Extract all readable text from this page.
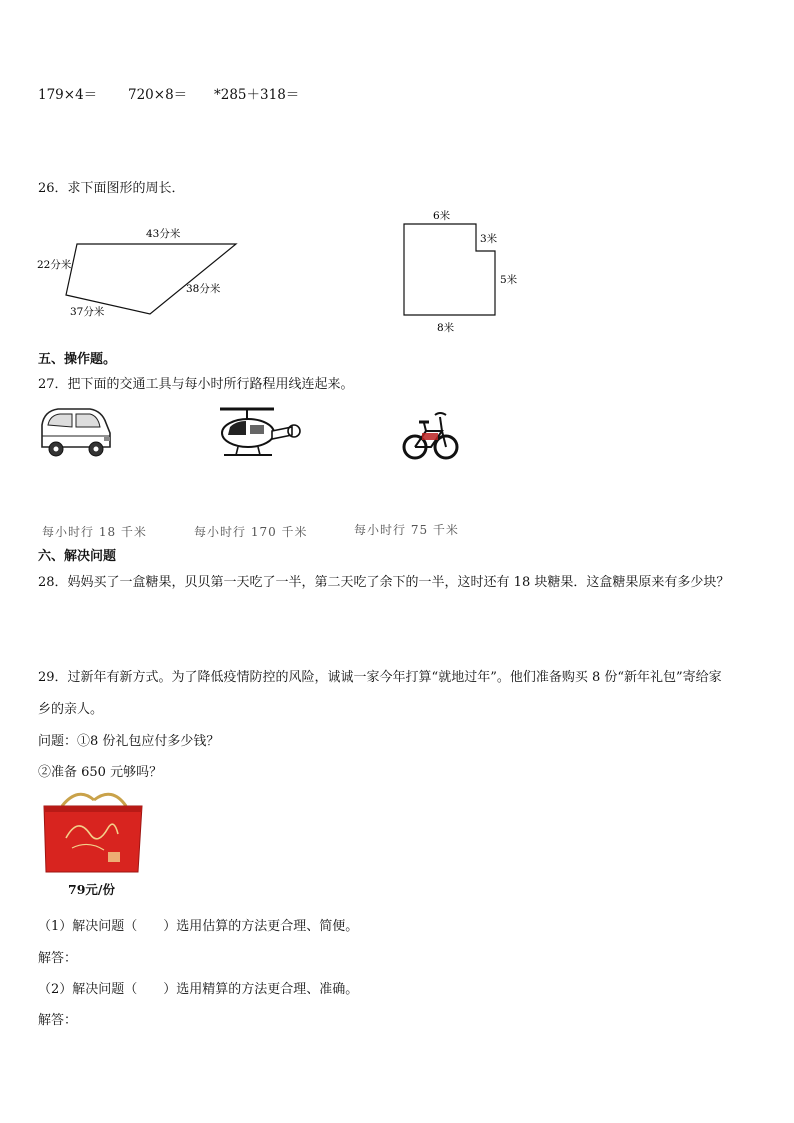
179×4＝ 720×8＝ *285＋318＝
26．求下面图形的周长．
43分米
22分米
38分米
37分米
6米
3米
5米
8米
五、操作题。
27．把下面的交通工具与每小时所行路程用线连起来。
每小时行 18 千米	每小时行 170 千米	每小时行 75 千米
六、解决问题
28．妈妈买了一盒糖果，贝贝第一天吃了一半，第二天吃了余下的一半，这时还有 18 块糖果．这盒糖果原来有多少块？
29．过新年有新方式。为了降低疫情防控的风险，诚诚一家今年打算“就地过年”。他们准备购买 8 份“新年礼包”寄给家
乡的亲人。
问题：①8 份礼包应付多少钱？
②准备 650 元够吗？
79元/份
（1）解决问题（　　）选用估算的方法更合理、简便。
解答：
（2）解决问题（　　）选用精算的方法更合理、准确。
解答：
